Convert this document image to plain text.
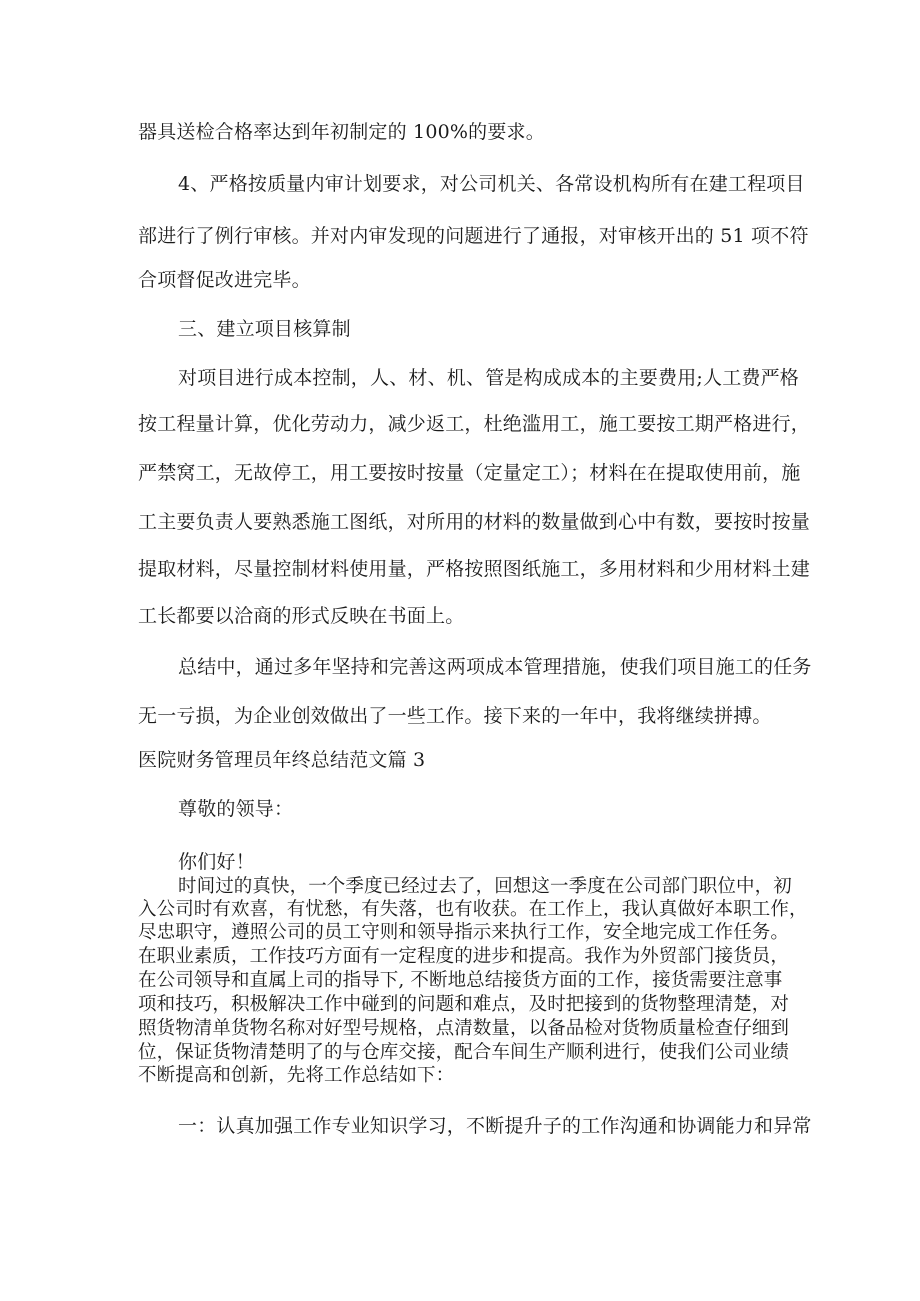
器具送检合格率达到年初制定的 100%的要求。
4、严格按质量内审计划要求，对公司机关、各常设机构所有在建工程项目
部进行了例行审核。并对内审发现的问题进行了通报，对审核开出的 51 项不符
合项督促改进完毕。
三、建立项目核算制
对项目进行成本控制，人、材、机、管是构成成本的主要费用;人工费严格
按工程量计算，优化劳动力，减少返工，杜绝滥用工，施工要按工期严格进行，
严禁窝工，无故停工，用工要按时按量（定量定工）；材料在在提取使用前，施
工主要负责人要熟悉施工图纸，对所用的材料的数量做到心中有数，要按时按量
提取材料，尽量控制材料使用量，严格按照图纸施工，多用材料和少用材料土建
工长都要以洽商的形式反映在书面上。
总结中，通过多年坚持和完善这两项成本管理措施，使我们项目施工的任务
无一亏损，为企业创效做出了一些工作。接下来的一年中，我将继续拼搏。
医院财务管理员年终总结范文篇 3
尊敬的领导：
你们好！
时间过的真快，一个季度已经过去了，回想这一季度在公司部门职位中，初
入公司时有欢喜，有忧愁，有失落，也有收获。在工作上，我认真做好本职工作，
尽忠职守，遵照公司的员工守则和领导指示来执行工作，安全地完成工作任务。
在职业素质，工作技巧方面有一定程度的进步和提高。我作为外贸部门接货员，
在公司领导和直属上司的指导下, 不断地总结接货方面的工作，接货需要注意事
项和技巧，积极解决工作中碰到的问题和难点，及时把接到的货物整理清楚，对
照货物清单货物名称对好型号规格，点清数量，以备品检对货物质量检查仔细到
位，保证货物清楚明了的与仓库交接，配合车间生产顺利进行，使我们公司业绩
不断提高和创新，先将工作总结如下：
一：认真加强工作专业知识学习，不断提升子的工作沟通和协调能力和异常
